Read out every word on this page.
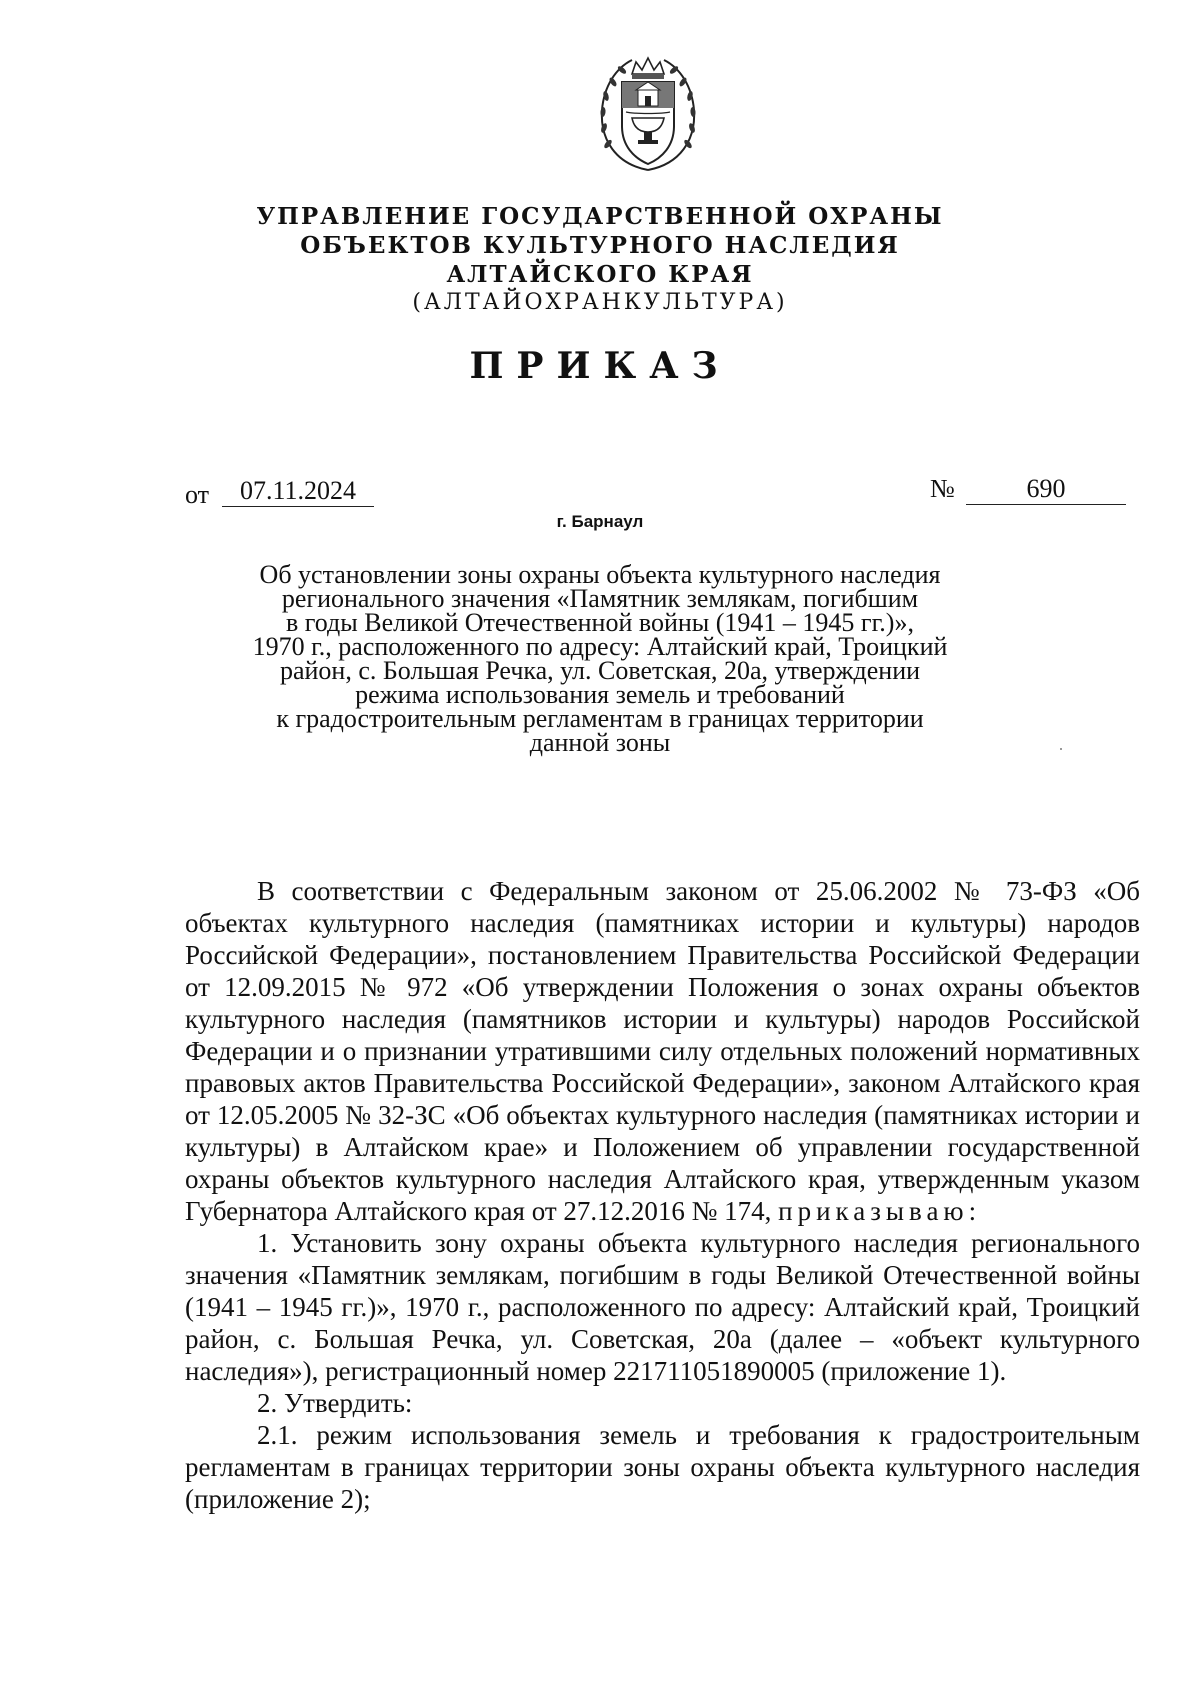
УПРАВЛЕНИЕ ГОСУДАРСТВЕННОЙ ОХРАНЫ
ОБЪЕКТОВ КУЛЬТУРНОГО НАСЛЕДИЯ
АЛТАЙСКОГО КРАЯ
(АЛТАЙОХРАНКУЛЬТУРА)
ПРИКАЗ
от	07.11.2024	№	690
г. Барнаул
Об установлении зоны охраны объекта культурного наследия
регионального значения «Памятник землякам, погибшим
в годы Великой Отечественной войны (1941 – 1945 гг.)»,
1970 г., расположенного по адресу: Алтайский край, Троицкий
район, с. Большая Речка, ул. Советская, 20а, утверждении
режима использования земель и требований
к градостроительным регламентам в границах территории
данной зоны

В соответствии с Федеральным законом от 25.06.2002 № 73-ФЗ «Об объектах культурного наследия (памятниках истории и культуры) народов Российской Федерации», постановлением Правительства Российской Федерации от 12.09.2015 № 972 «Об утверждении Положения о зонах охраны объектов культурного наследия (памятников истории и культуры) народов Российской Федерации и о признании утратившими силу отдельных положений нормативных правовых актов Правительства Российской Федерации», законом Алтайского края от 12.05.2005 № 32-ЗС «Об объектах культурного наследия (памятниках истории и культуры) в Алтайском крае» и Положением об управлении государственной охраны объектов культурного наследия Алтайского края, утвержденным указом Губернатора Алтайского края от 27.12.2016 № 174, приказываю:

1. Установить зону охраны объекта культурного наследия регионального значения «Памятник землякам, погибшим в годы Великой Отечественной войны (1941 – 1945 гг.)», 1970 г., расположенного по адресу: Алтайский край, Троицкий район, с. Большая Речка, ул. Советская, 20а (далее – «объект культурного наследия»), регистрационный номер 221711051890005 (приложение 1).

2. Утвердить:

2.1. режим использования земель и требования к градостроительным регламентам в границах территории зоны охраны объекта культурного наследия (приложение 2);
